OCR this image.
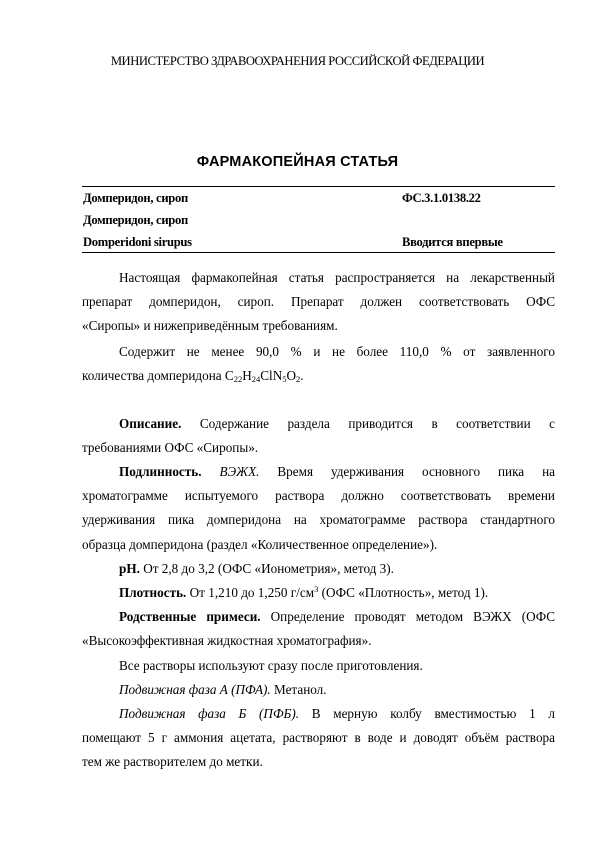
МИНИСТЕРСТВО ЗДРАВООХРАНЕНИЯ РОССИЙСКОЙ ФЕДЕРАЦИИ
ФАРМАКОПЕЙНАЯ СТАТЬЯ
Домперидон, сироп	ФС.3.1.0138.22
Домперидон, сироп
Domperidoni sirupus	Вводится впервые
Настоящая фармакопейная статья распространяется на лекарственный
препарат домперидон, сироп. Препарат должен соответствовать ОФС
«Сиропы» и нижеприведённым требованиям.
Содержит не менее 90,0 % и не более 110,0 % от заявленного
количества домперидона $C_{22}H_{24}ClN_5O_2$.
Описание. Содержание раздела приводится в соответствии с
требованиями ОФС «Сиропы».
Подлинность. ВЭЖХ. Время удерживания основного пика на
хроматограмме испытуемого раствора должно соответствовать времени
удерживания пика домперидона на хроматограмме раствора стандартного
образца домперидона (раздел «Количественное определение»).
pH. От 2,8 до 3,2 (ОФС «Ионометрия», метод 3).
Плотность. От 1,210 до 1,250 $г/см^3$ (ОФС «Плотность», метод 1).
Родственные примеси. Определение проводят методом ВЭЖХ (ОФС
«Высокоэффективная жидкостная хроматография».
Все растворы используют сразу после приготовления.
Подвижная фаза А (ПФА). Метанол.
Подвижная фаза Б (ПФБ). В мерную колбу вместимостью 1 л
помещают 5 г аммония ацетата, растворяют в воде и доводят объём раствора
тем же растворителем до метки.
